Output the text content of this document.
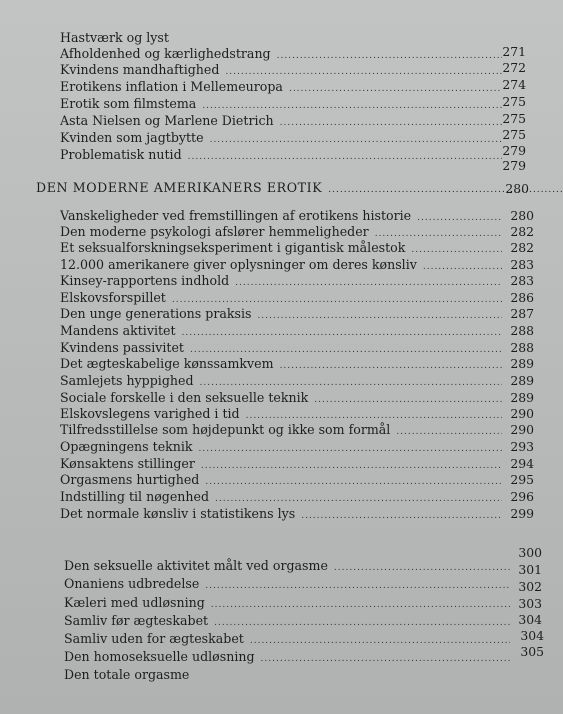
Hastværk og lyst
Afholdenhed og kærlighedstrang .....	271
Kvindens mandhaftighed .....	272
Erotikens inflation i Mellemeuropa .....	274
Erotik som filmstema .....	275
Asta Nielsen og Marlene Dietrich .....	275
Kvinden som jagtbytte .....	275
Problematisk nutid .....	279
279
DEN MODERNE AMERIKANERS EROTIK .....	280
Vanskeligheder ved fremstillingen af erotikens historie .....	280
Den moderne psykologi afslører hemmeligheder .....	282
Et seksualforskningseksperiment i gigantisk målestok .....	282
12.000 amerikanere giver oplysninger om deres kønsliv .....	283
Kinsey-rapportens indhold .....	283
Elskovsforspillet .....	286
Den unge generations praksis .....	287
Mandens aktivitet .....	288
Kvindens passivitet .....	288
Det ægteskabelige kønssamkvem .....	289
Samlejets hyppighed .....	289
Sociale forskelle i den seksuelle teknik .....	289
Elskovslegens varighed i tid .....	290
Tilfredsstillelse som højdepunkt og ikke som formål .....	290
Opægningens teknik .....	293
Kønsaktens stillinger .....	294
Orgasmens hurtighed .....	295
Indstilling til nøgenhed .....	296
Det normale kønsliv i statistikens lys .....	299
300
Den seksuelle aktivitet målt ved orgasme .....	301
Onaniens udbredelse .....	302
Kæleri med udløsning .....	303
Samliv før ægteskabet .....	304
Samliv uden for ægteskabet .....	304
Den homoseksuelle udløsning .....	305
Den totale orgasme
